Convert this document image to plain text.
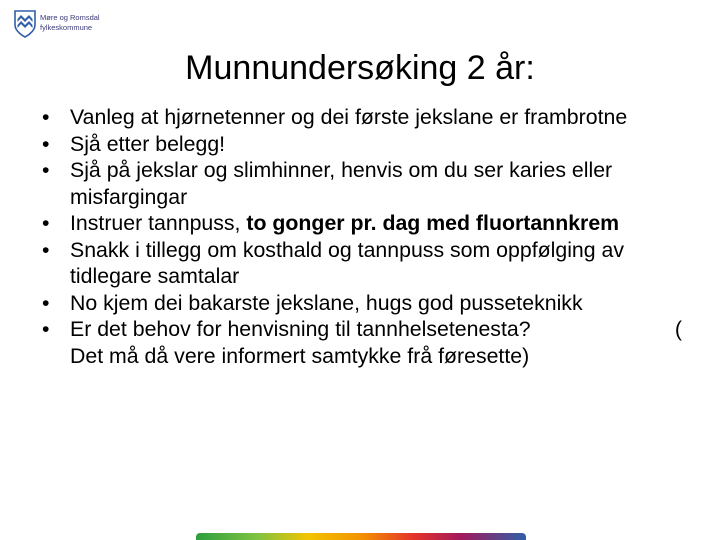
Møre og Romsdal
fylkeskommune
Munnundersøking 2 år:
• Vanleg at hjørnetenner og dei første jekslane er frambrotne
• Sjå etter belegg!
• Sjå på jekslar og slimhinner, henvis om du ser karies eller misfargingar
• Instruer tannpuss, to gonger pr. dag med fluortannkrem
• Snakk i tillegg om kosthald og tannpuss som oppfølging av tidlegare samtalar
• No kjem dei bakarste jekslane, hugs god pusseteknikk
• Er det behov for henvisning til tannhelsetenesta?	(

Det må då vere informert samtykke frå føresette)
